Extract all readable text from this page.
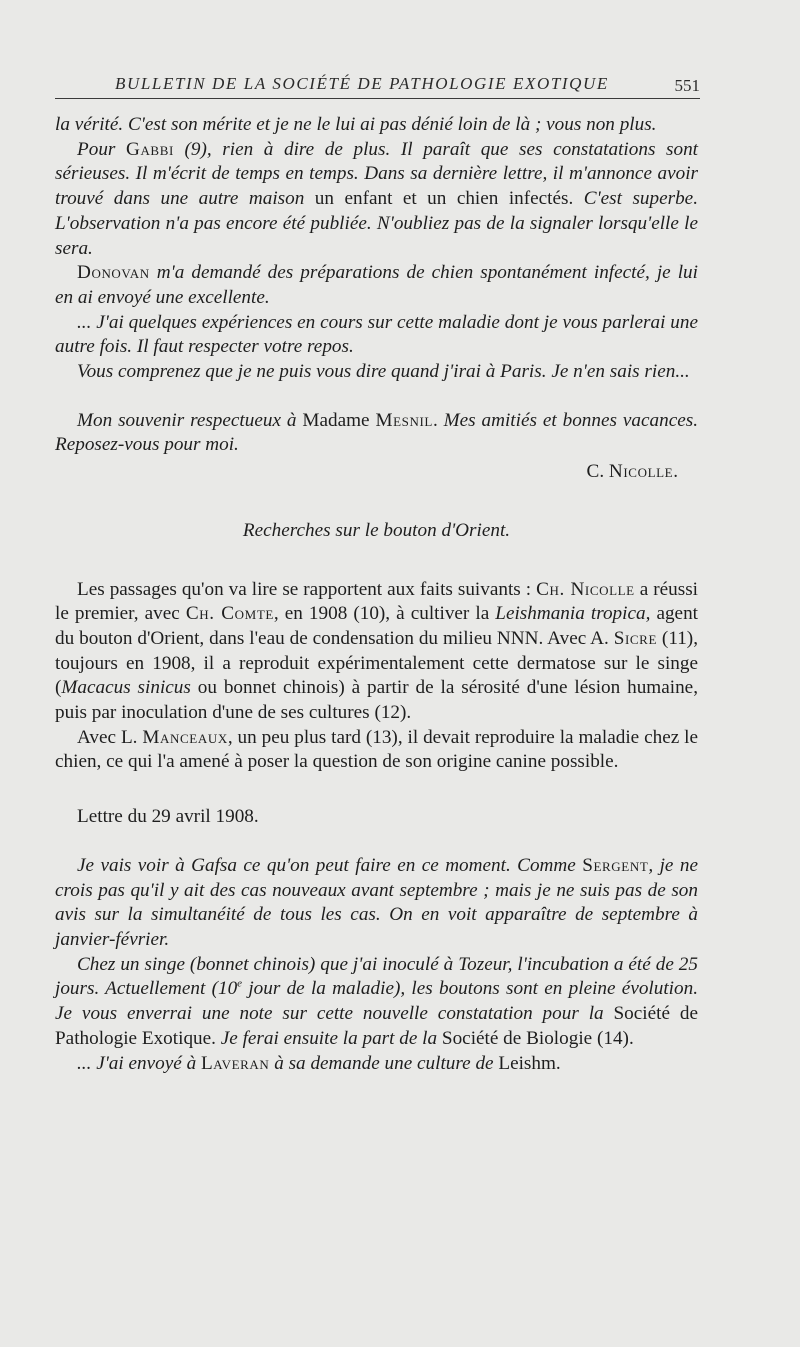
BULLETIN DE LA SOCIÉTÉ DE PATHOLOGIE EXOTIQUE	551

la vérité. C'est son mérite et je ne le lui ai pas dénié loin de là ; vous non plus.

Pour Gabbi (9), rien à dire de plus. Il paraît que ses constatations sont sérieuses. Il m'écrit de temps en temps. Dans sa dernière lettre, il m'annonce avoir trouvé dans une autre maison un enfant et un chien infectés. C'est superbe. L'observation n'a pas encore été publiée. N'oubliez pas de la signaler lorsqu'elle le sera.

Donovan m'a demandé des préparations de chien spontanément infecté, je lui en ai envoyé une excellente.

... J'ai quelques expériences en cours sur cette maladie dont je vous parlerai une autre fois. Il faut respecter votre repos.

Vous comprenez que je ne puis vous dire quand j'irai à Paris. Je n'en sais rien...

Mon souvenir respectueux à Madame Mesnil. Mes amitiés et bonnes vacances. Reposez-vous pour moi.

C. Nicolle.

Recherches sur le bouton d'Orient.

Les passages qu'on va lire se rapportent aux faits suivants : Ch. Nicolle a réussi le premier, avec Ch. Comte, en 1908 (10), à cultiver la Leishmania tropica, agent du bouton d'Orient, dans l'eau de condensation du milieu NNN. Avec A. Sicre (11), toujours en 1908, il a reproduit expérimentalement cette dermatose sur le singe (Macacus sinicus ou bonnet chinois) à partir de la sérosité d'une lésion humaine, puis par inoculation d'une de ses cultures (12).

Avec L. Manceaux, un peu plus tard (13), il devait reproduire la maladie chez le chien, ce qui l'a amené à poser la question de son origine canine possible.

Lettre du 29 avril 1908.

Je vais voir à Gafsa ce qu'on peut faire en ce moment. Comme Sergent, je ne crois pas qu'il y ait des cas nouveaux avant septembre ; mais je ne suis pas de son avis sur la simultanéité de tous les cas. On en voit apparaître de septembre à janvier-février.

Chez un singe (bonnet chinois) que j'ai inoculé à Tozeur, l'incubation a été de 25 jours. Actuellement (10e jour de la maladie), les boutons sont en pleine évolution. Je vous enverrai une note sur cette nouvelle constatation pour la Société de Pathologie Exotique. Je ferai ensuite la part de la Société de Biologie (14).

... J'ai envoyé à Laveran à sa demande une culture de Leishm.
